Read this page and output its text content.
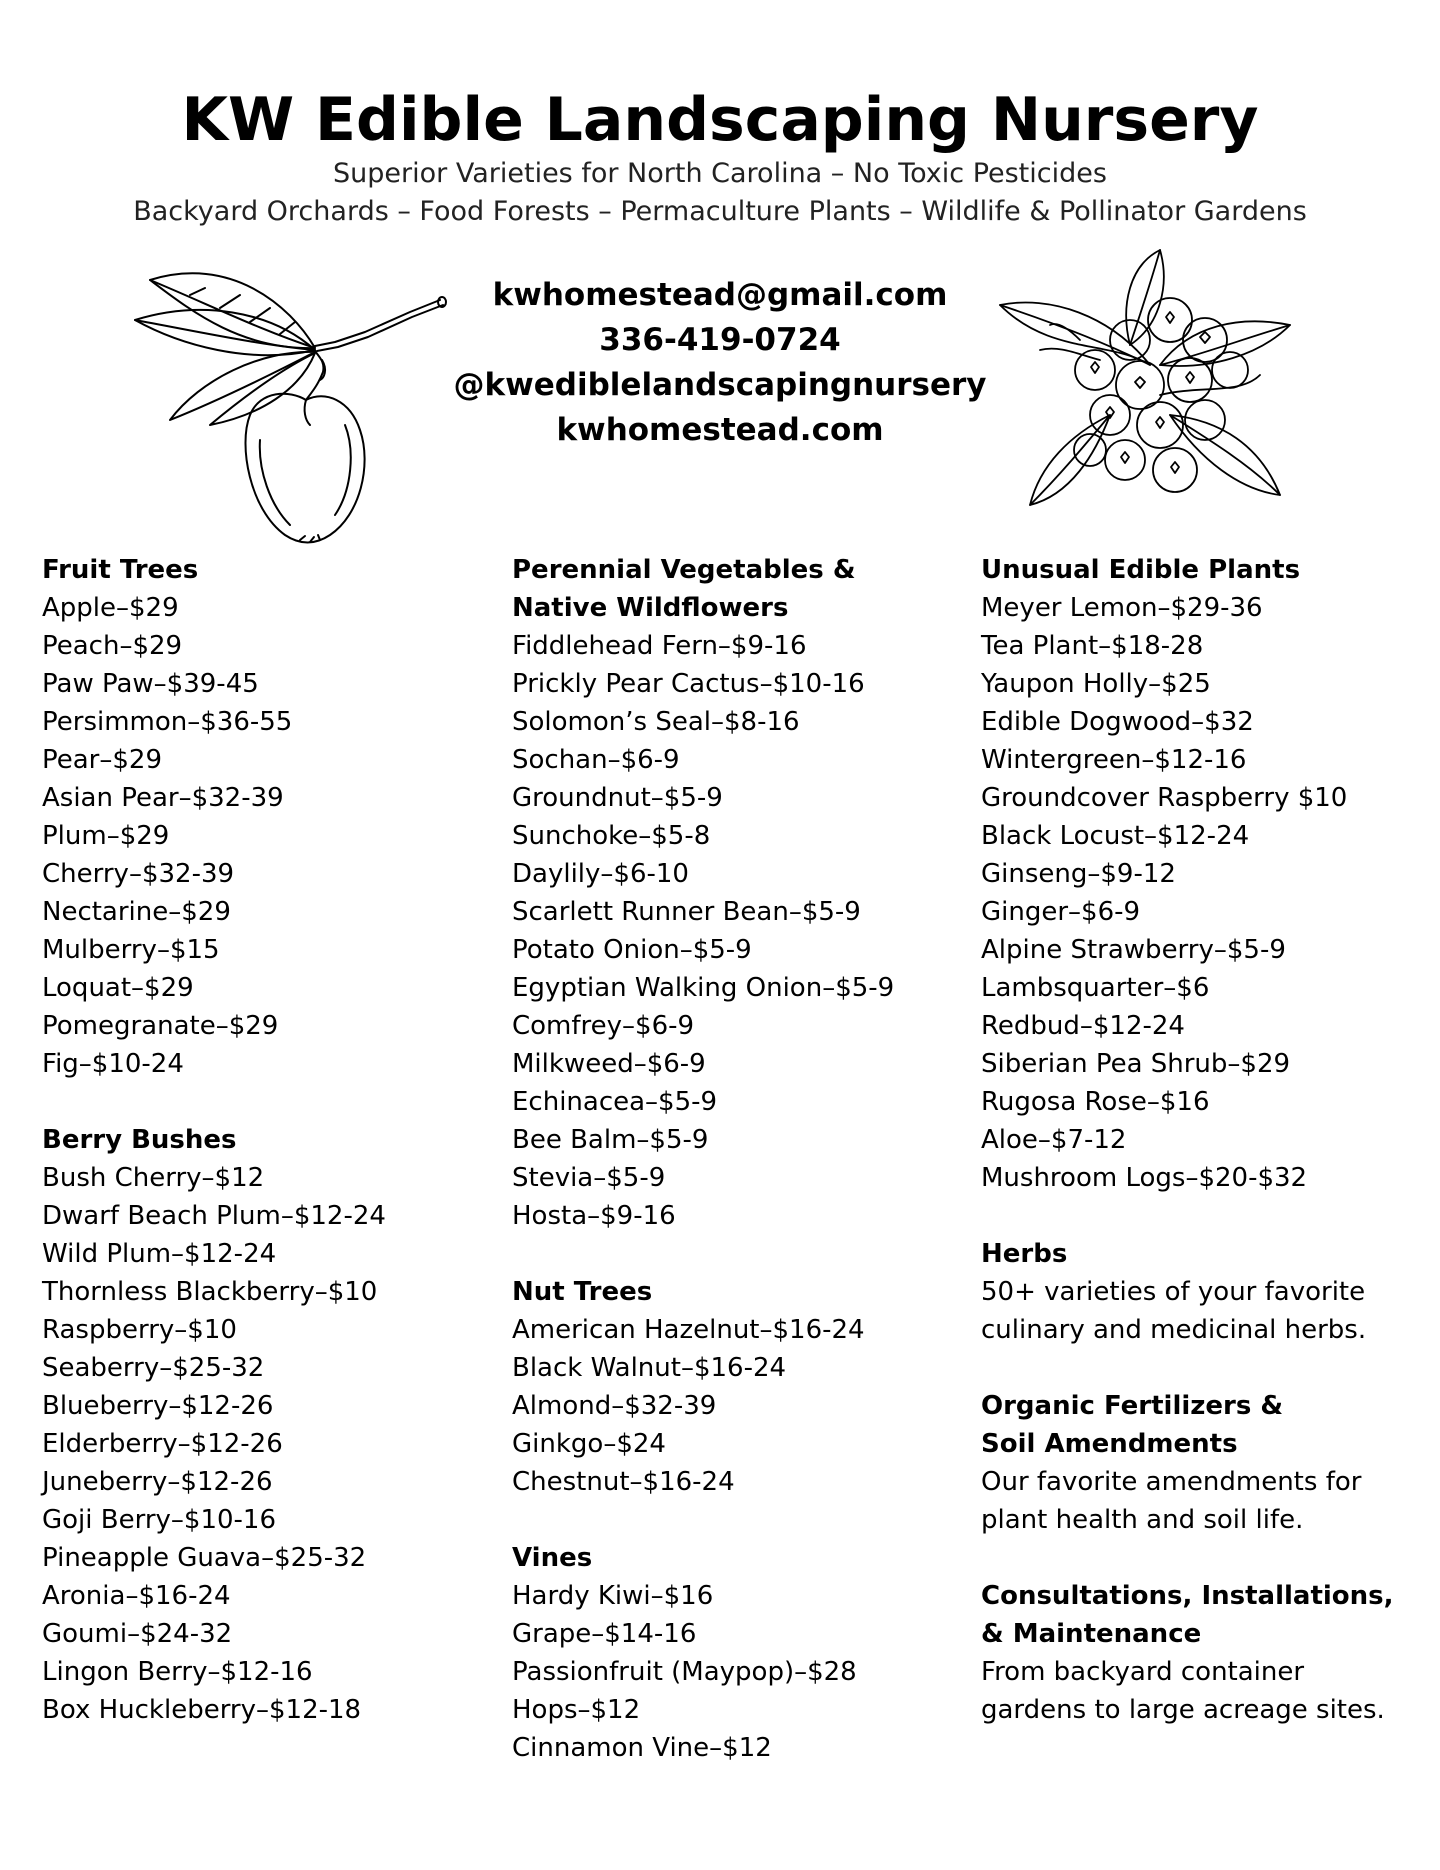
KW Edible Landscaping Nursery
Superior Varieties for North Carolina – No Toxic Pesticides
Backyard Orchards – Food Forests – Permaculture Plants – Wildlife & Pollinator Gardens
kwhomestead@gmail.com
336-419-0724
@kwediblelandscapingnursery
kwhomestead.com
Fruit Trees
Apple–$29
Peach–$29
Paw Paw–$39-45
Persimmon–$36-55
Pear–$29
Asian Pear–$32-39
Plum–$29
Cherry–$32-39
Nectarine–$29
Mulberry–$15
Loquat–$29
Pomegranate–$29
Fig–$10-24
Berry Bushes
Bush Cherry–$12
Dwarf Beach Plum–$12-24
Wild Plum–$12-24
Thornless Blackberry–$10
Raspberry–$10
Seaberry–$25-32
Blueberry–$12-26
Elderberry–$12-26
Juneberry–$12-26
Goji Berry–$10-16
Pineapple Guava–$25-32
Aronia–$16-24
Goumi–$24-32
Lingon Berry–$12-16
Box Huckleberry–$12-18
Perennial Vegetables &
Native Wildflowers
Fiddlehead Fern–$9-16
Prickly Pear Cactus–$10-16
Solomon’s Seal–$8-16
Sochan–$6-9
Groundnut–$5-9
Sunchoke–$5-8
Daylily–$6-10
Scarlett Runner Bean–$5-9
Potato Onion–$5-9
Egyptian Walking Onion–$5-9
Comfrey–$6-9
Milkweed–$6-9
Echinacea–$5-9
Bee Balm–$5-9
Stevia–$5-9
Hosta–$9-16
Nut Trees
American Hazelnut–$16-24
Black Walnut–$16-24
Almond–$32-39
Ginkgo–$24
Chestnut–$16-24
Vines
Hardy Kiwi–$16
Grape–$14-16
Passionfruit (Maypop)–$28
Hops–$12
Cinnamon Vine–$12
Unusual Edible Plants
Meyer Lemon–$29-36
Tea Plant–$18-28
Yaupon Holly–$25
Edible Dogwood–$32
Wintergreen–$12-16
Groundcover Raspberry $10
Black Locust–$12-24
Ginseng–$9-12
Ginger–$6-9
Alpine Strawberry–$5-9
Lambsquarter–$6
Redbud–$12-24
Siberian Pea Shrub–$29
Rugosa Rose–$16
Aloe–$7-12
Mushroom Logs–$20-$32
Herbs
50+ varieties of your favorite
culinary and medicinal herbs.
Organic Fertilizers &
Soil Amendments
Our favorite amendments for
plant health and soil life.
Consultations, Installations,
& Maintenance
From backyard container
gardens to large acreage sites.
